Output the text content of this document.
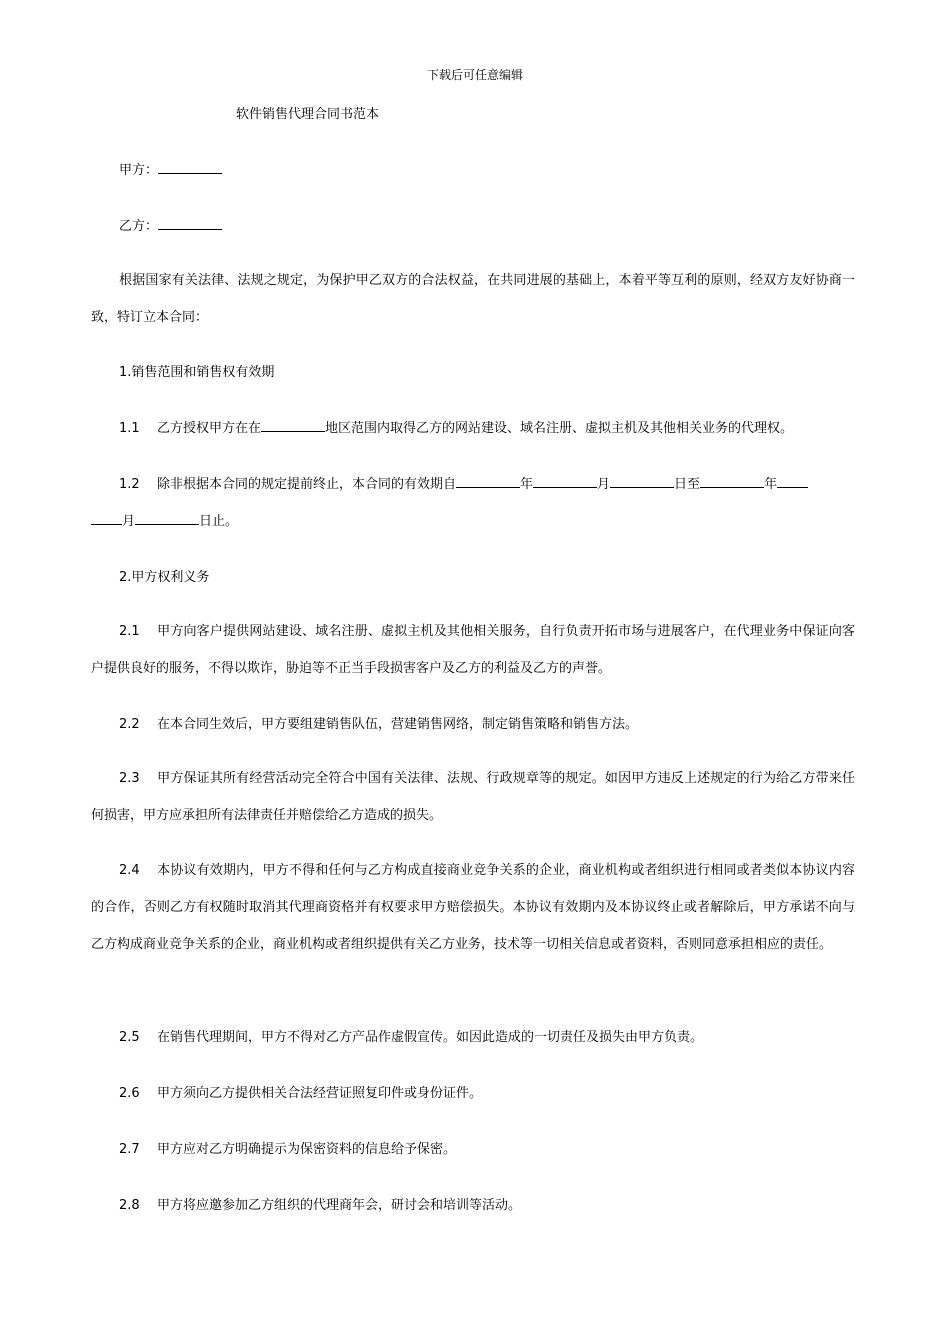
下载后可任意编辑
软件销售代理合同书范本
甲方：
乙方：
根据国家有关法律、法规之规定，为保护甲乙双方的合法权益，在共同进展的基础上，本着平等互利的原则，经双方友好协商一致，特订立本合同：
1.销售范围和销售权有效期
1.1 乙方授权甲方在在	地区范围内取得乙方的网站建设、域名注册、虚拟主机及其他相关业务的代理权。
1.2 除非根据本合同的规定提前终止，本合同的有效期自	年	月	日至	年
月	日止。
2.甲方权利义务
2.1 甲方向客户提供网站建设、域名注册、虚拟主机及其他相关服务，自行负责开拓市场与进展客户，在代理业务中保证向客户提供良好的服务，不得以欺诈，胁迫等不正当手段损害客户及乙方的利益及乙方的声誉。
2.2 在本合同生效后，甲方要组建销售队伍，营建销售网络，制定销售策略和销售方法。
2.3 甲方保证其所有经营活动完全符合中国有关法律、法规、行政规章等的规定。如因甲方违反上述规定的行为给乙方带来任何损害，甲方应承担所有法律责任并赔偿给乙方造成的损失。
2.4 本协议有效期内，甲方不得和任何与乙方构成直接商业竞争关系的企业，商业机构或者组织进行相同或者类似本协议内容的合作，否则乙方有权随时取消其代理商资格并有权要求甲方赔偿损失。本协议有效期内及本协议终止或者解除后，甲方承诺不向与乙方构成商业竞争关系的企业，商业机构或者组织提供有关乙方业务，技术等一切相关信息或者资料，否则同意承担相应的责任。
2.5 在销售代理期间，甲方不得对乙方产品作虚假宣传。如因此造成的一切责任及损失由甲方负责。
2.6 甲方须向乙方提供相关合法经营证照复印件或身份证件。
2.7 甲方应对乙方明确提示为保密资料的信息给予保密。
2.8 甲方将应邀参加乙方组织的代理商年会，研讨会和培训等活动。
